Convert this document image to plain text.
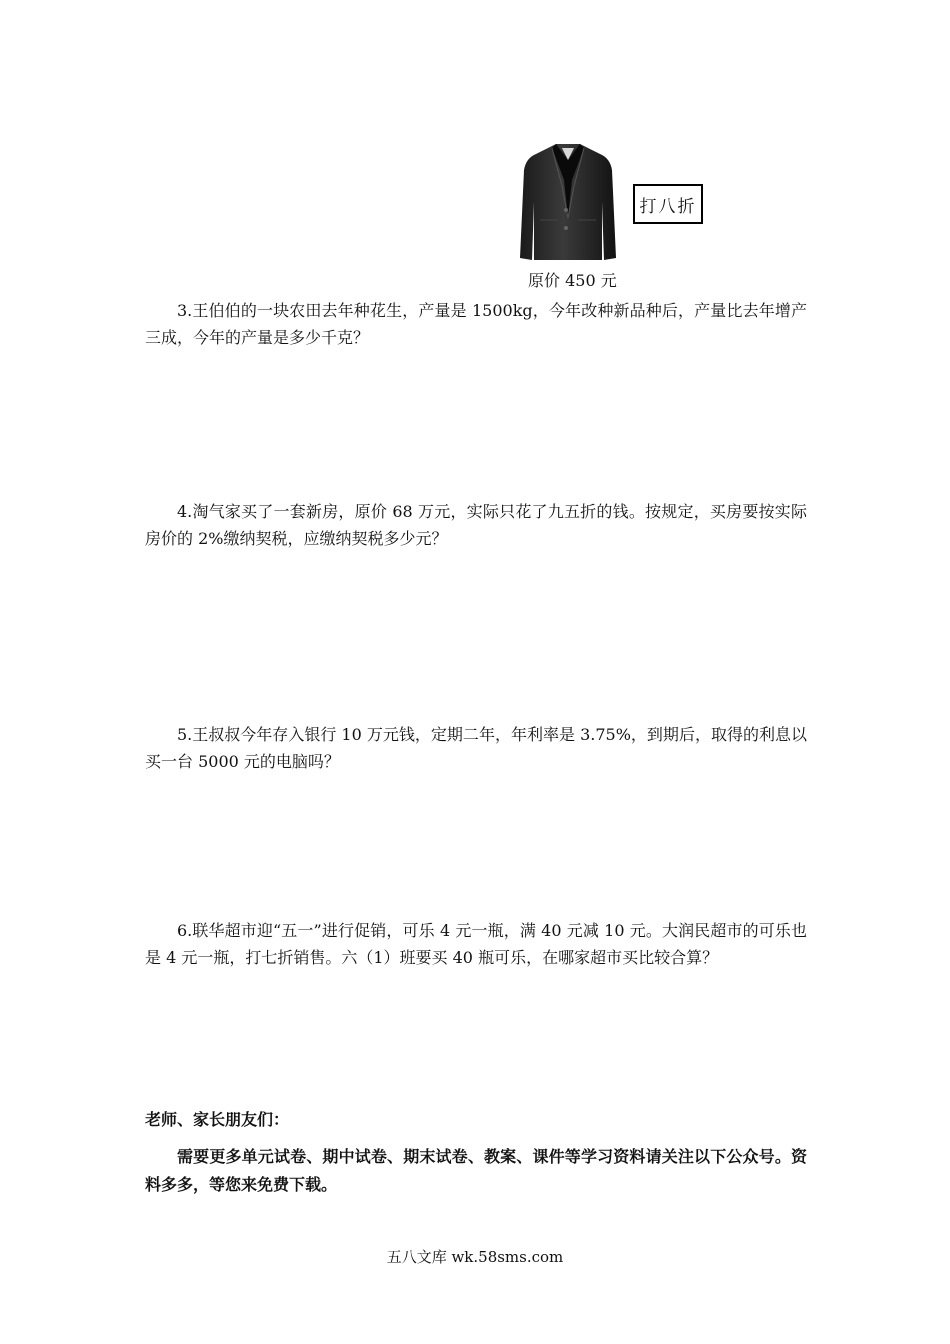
打八折
原价 450 元

3.王伯伯的一块农田去年种花生，产量是 1500kg，今年改种新品种后，产量比去年增产三成，今年的产量是多少千克？

4.淘气家买了一套新房，原价 68 万元，实际只花了九五折的钱。按规定，买房要按实际房价的 2%缴纳契税，应缴纳契税多少元？

5.王叔叔今年存入银行 10 万元钱，定期二年，年利率是 3.75%，到期后，取得的利息以买一台 5000 元的电脑吗？

6.联华超市迎“五一”进行促销，可乐 4 元一瓶，满 40 元减 10 元。大润民超市的可乐也是 4 元一瓶，打七折销售。六（1）班要买 40 瓶可乐，在哪家超市买比较合算？

老师、家长朋友们：

需要更多单元试卷、期中试卷、期末试卷、教案、课件等学习资料请关注以下公众号。资料多多，等您来免费下载。

五八文库 wk.58sms.com
